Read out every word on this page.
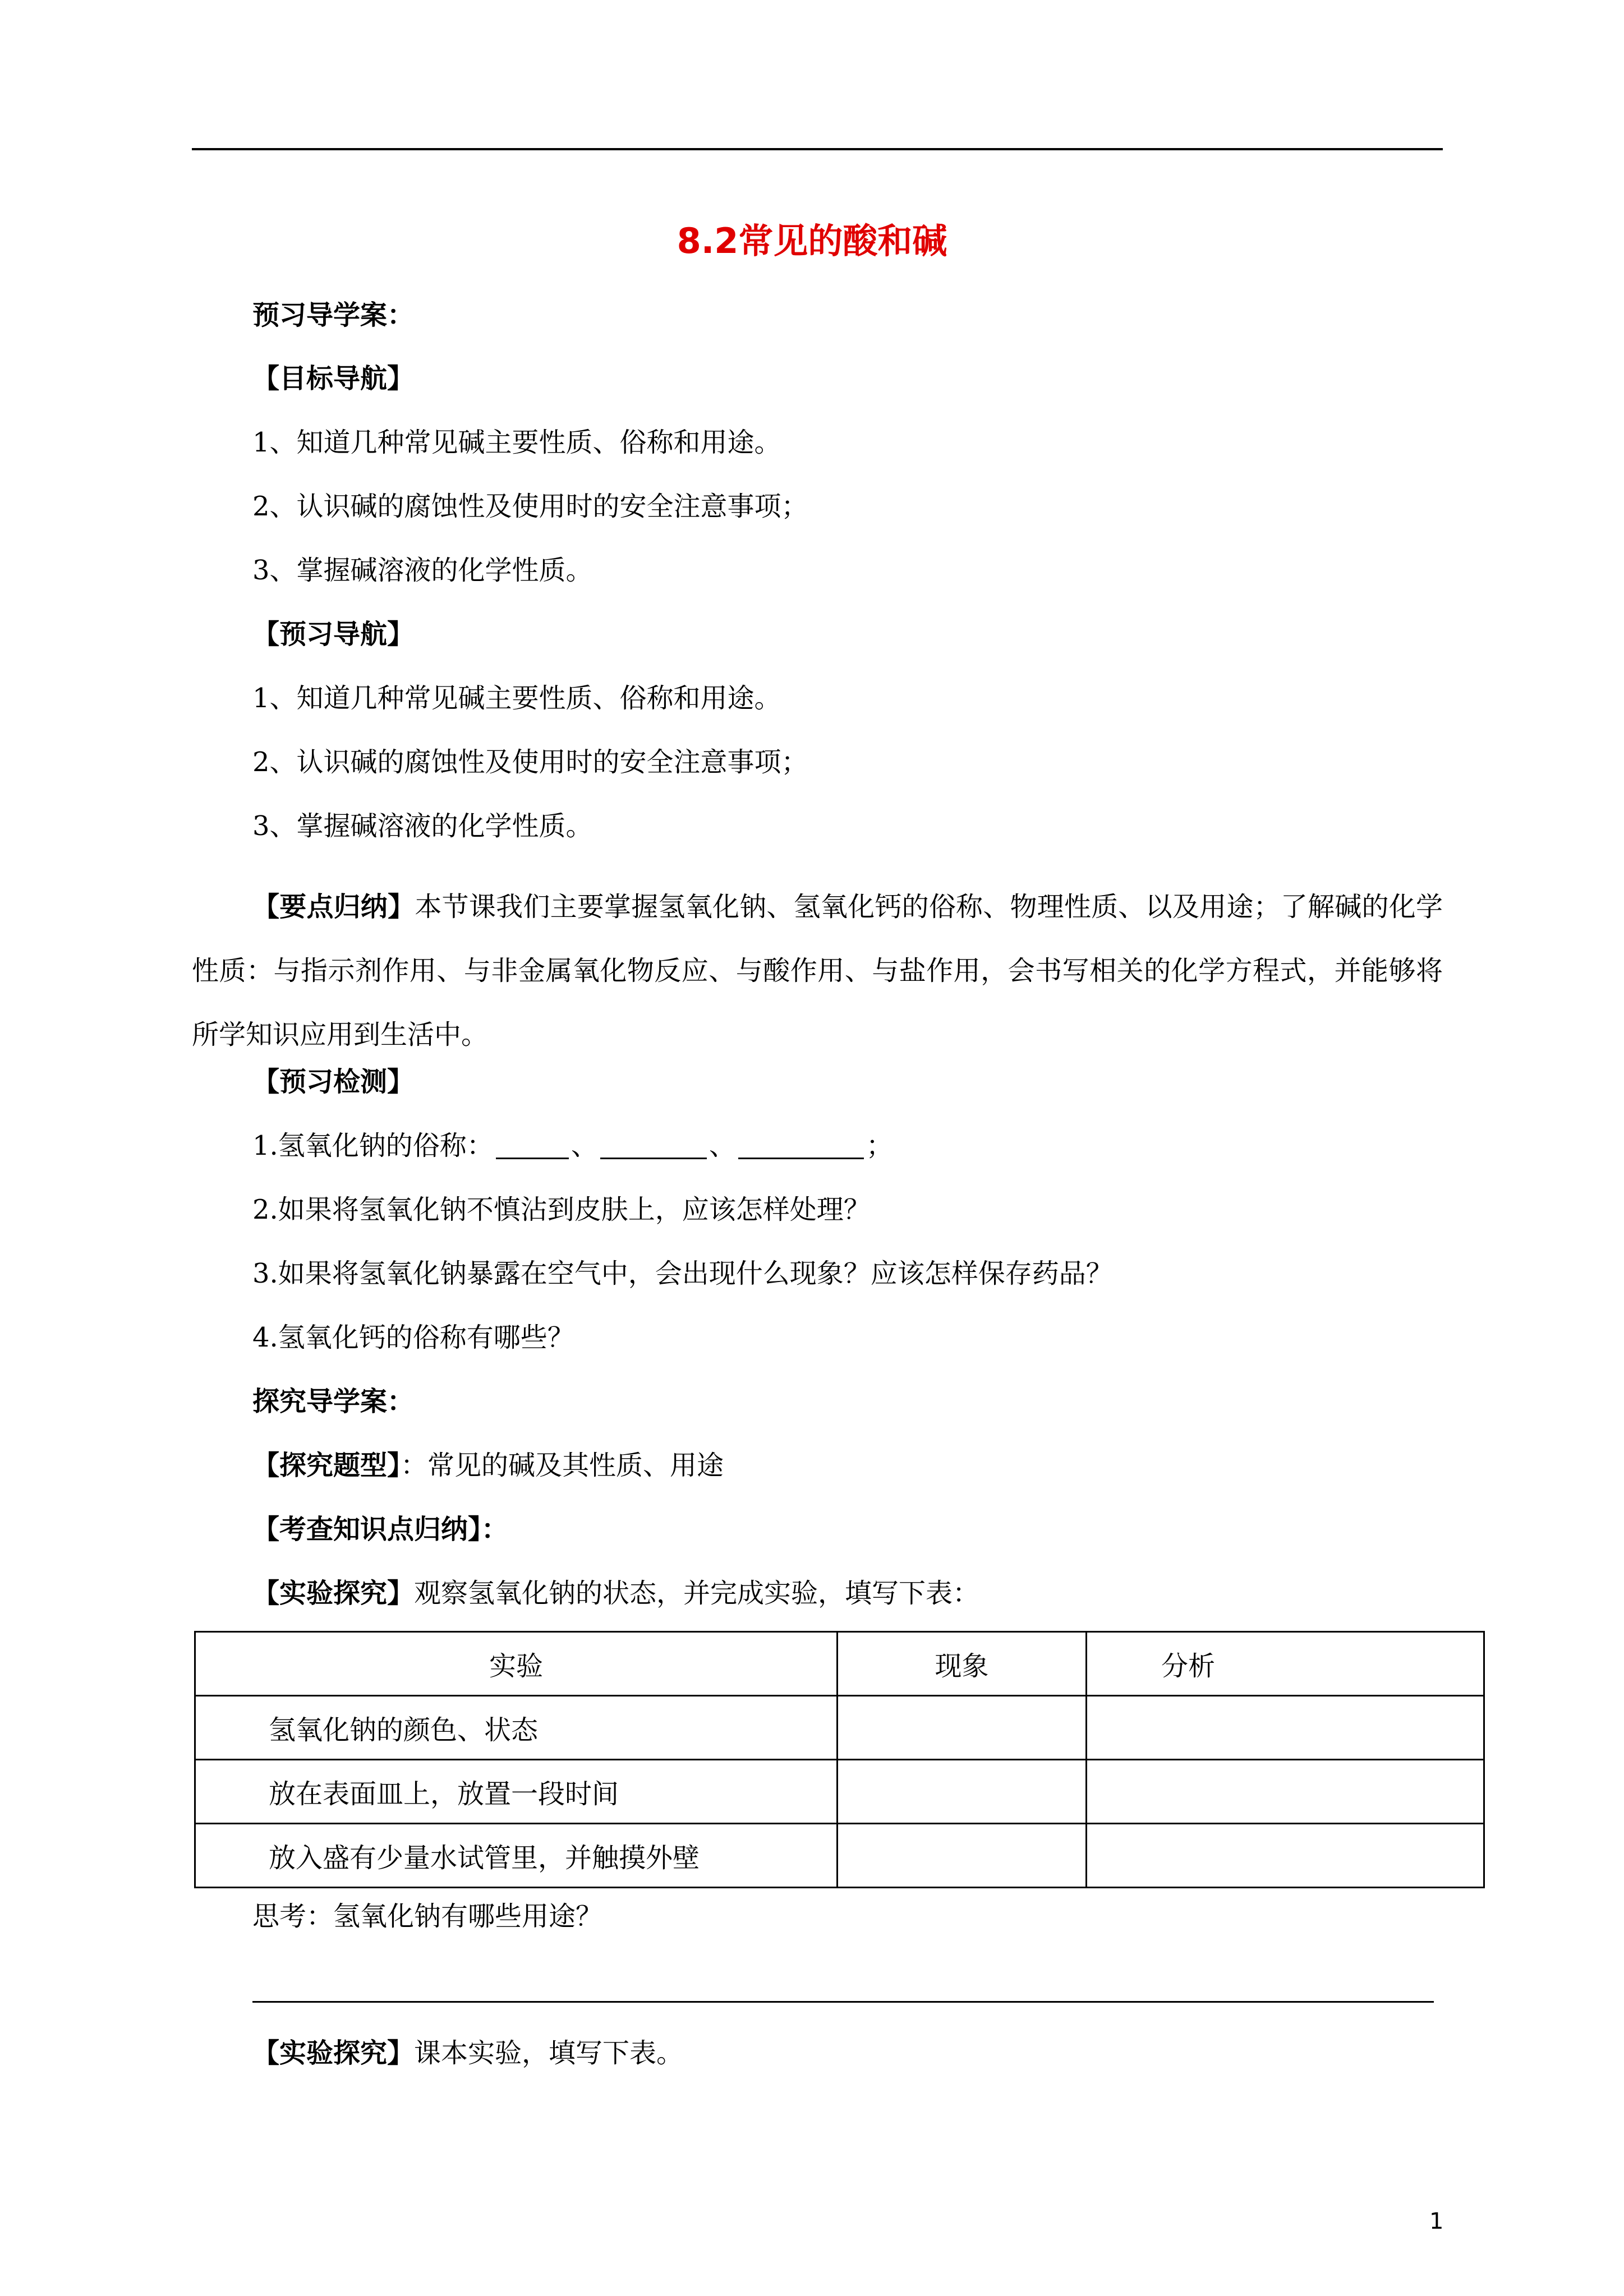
8.2常见的酸和碱
预习导学案：
【目标导航】
1、知道几种常见碱主要性质、俗称和用途。
2、认识碱的腐蚀性及使用时的安全注意事项；
3、掌握碱溶液的化学性质。
【预习导航】
1、知道几种常见碱主要性质、俗称和用途。
2、认识碱的腐蚀性及使用时的安全注意事项；
3、掌握碱溶液的化学性质。
【要点归纳】本节课我们主要掌握氢氧化钠、氢氧化钙的俗称、物理性质、以及用途；了解碱的化学性质：与指示剂作用、与非金属氧化物反应、与酸作用、与盐作用，会书写相关的化学方程式，并能够将所学知识应用到生活中。
【预习检测】
1.氢氧化钠的俗称：	、	、	；
2.如果将氢氧化钠不慎沾到皮肤上，应该怎样处理？
3.如果将氢氧化钠暴露在空气中，会出现什么现象？应该怎样保存药品？
4.氢氧化钙的俗称有哪些？
探究导学案：
【探究题型】：常见的碱及其性质、用途
【考查知识点归纳】：
【实验探究】观察氢氧化钠的状态，并完成实验，填写下表：
实验	现象	分析
氢氧化钠的颜色、状态		
放在表面皿上，放置一段时间		
放入盛有少量水试管里，并触摸外壁		
思考：氢氧化钠有哪些用途？
【实验探究】课本实验，填写下表。
1
